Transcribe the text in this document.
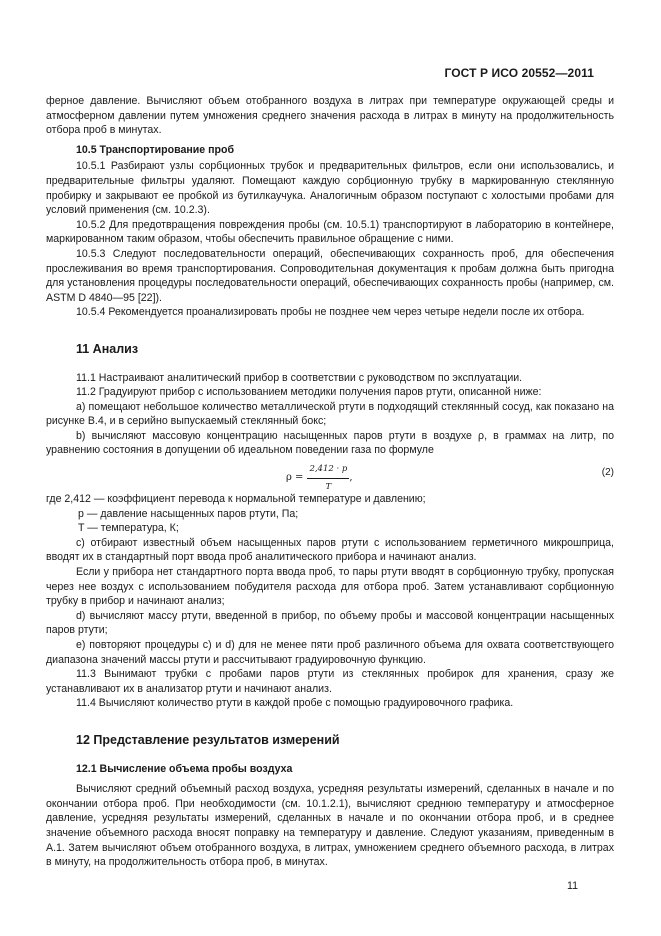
ГОСТ Р ИСО 20552—2011

ферное давление. Вычисляют объем отобранного воздуха в литрах при температуре окружающей среды и атмосферном давлении путем умножения среднего значения расхода в литрах в минуту на продолжительность отбора проб в минутах.

10.5 Транспортирование проб

10.5.1 Разбирают узлы сорбционных трубок и предварительных фильтров, если они использовались, и предварительные фильтры удаляют. Помещают каждую сорбционную трубку в маркированную стеклянную пробирку и закрывают ее пробкой из бутилкаучука. Аналогичным образом поступают с холостыми пробами для условий применения (см. 10.2.3).

10.5.2 Для предотвращения повреждения пробы (см. 10.5.1) транспортируют в лабораторию в контейнере, маркированном таким образом, чтобы обеспечить правильное обращение с ними.

10.5.3 Следуют последовательности операций, обеспечивающих сохранность проб, для обеспечения прослеживания во время транспортирования. Сопроводительная документация к пробам должна быть пригодна для установления процедуры последовательности операций, обеспечивающих сохранность пробы (например, см. ASTM D 4840—95 [22]).

10.5.4 Рекомендуется проанализировать пробы не позднее чем через четыре недели после их отбора.

11 Анализ

11.1 Настраивают аналитический прибор в соответствии с руководством по эксплуатации.

11.2 Градуируют прибор с использованием методики получения паров ртути, описанной ниже:

а) помещают небольшое количество металлической ртути в подходящий стеклянный сосуд, как показано на рисунке В.4, и в серийно выпускаемый стеклянный бокс;

b) вычисляют массовую концентрацию насыщенных паров ртути в воздухе ρ, в граммах на литр, по уравнению состояния в допущении об идеальном поведении газа по формуле

$\rho = \frac{2,412 \cdot p}{T}$ ,	(2)

где 2,412 — коэффициент перевода к нормальной температуре и давлению;

p — давление насыщенных паров ртути, Па;

T — температура, К;

c) отбирают известный объем насыщенных паров ртути с использованием герметичного микрошприца, вводят их в стандартный порт ввода проб аналитического прибора и начинают анализ.

Если у прибора нет стандартного порта ввода проб, то пары ртути вводят в сорбционную трубку, пропуская через нее воздух с использованием побудителя расхода для отбора проб. Затем устанавливают сорбционную трубку в прибор и начинают анализ;

d) вычисляют массу ртути, введенной в прибор, по объему пробы и массовой концентрации насыщенных паров ртути;

e) повторяют процедуры c) и d) для не менее пяти проб различного объема для охвата соответствующего диапазона значений массы ртути и рассчитывают градуировочную функцию.

11.3 Вынимают трубки с пробами паров ртути из стеклянных пробирок для хранения, сразу же устанавливают их в анализатор ртути и начинают анализ.

11.4 Вычисляют количество ртути в каждой пробе с помощью градуировочного графика.

12 Представление результатов измерений

12.1 Вычисление объема пробы воздуха

Вычисляют средний объемный расход воздуха, усредняя результаты измерений, сделанных в начале и по окончании отбора проб. При необходимости (см. 10.1.2.1), вычисляют среднюю температуру и атмосферное давление, усредняя результаты измерений, сделанных в начале и по окончании отбора проб, и в среднее значение объемного расхода вносят поправку на температуру и давление. Следуют указаниям, приведенным в А.1. Затем вычисляют объем отобранного воздуха, в литрах, умножением среднего объемного расхода, в литрах в минуту, на продолжительность отбора проб, в минутах.

11
